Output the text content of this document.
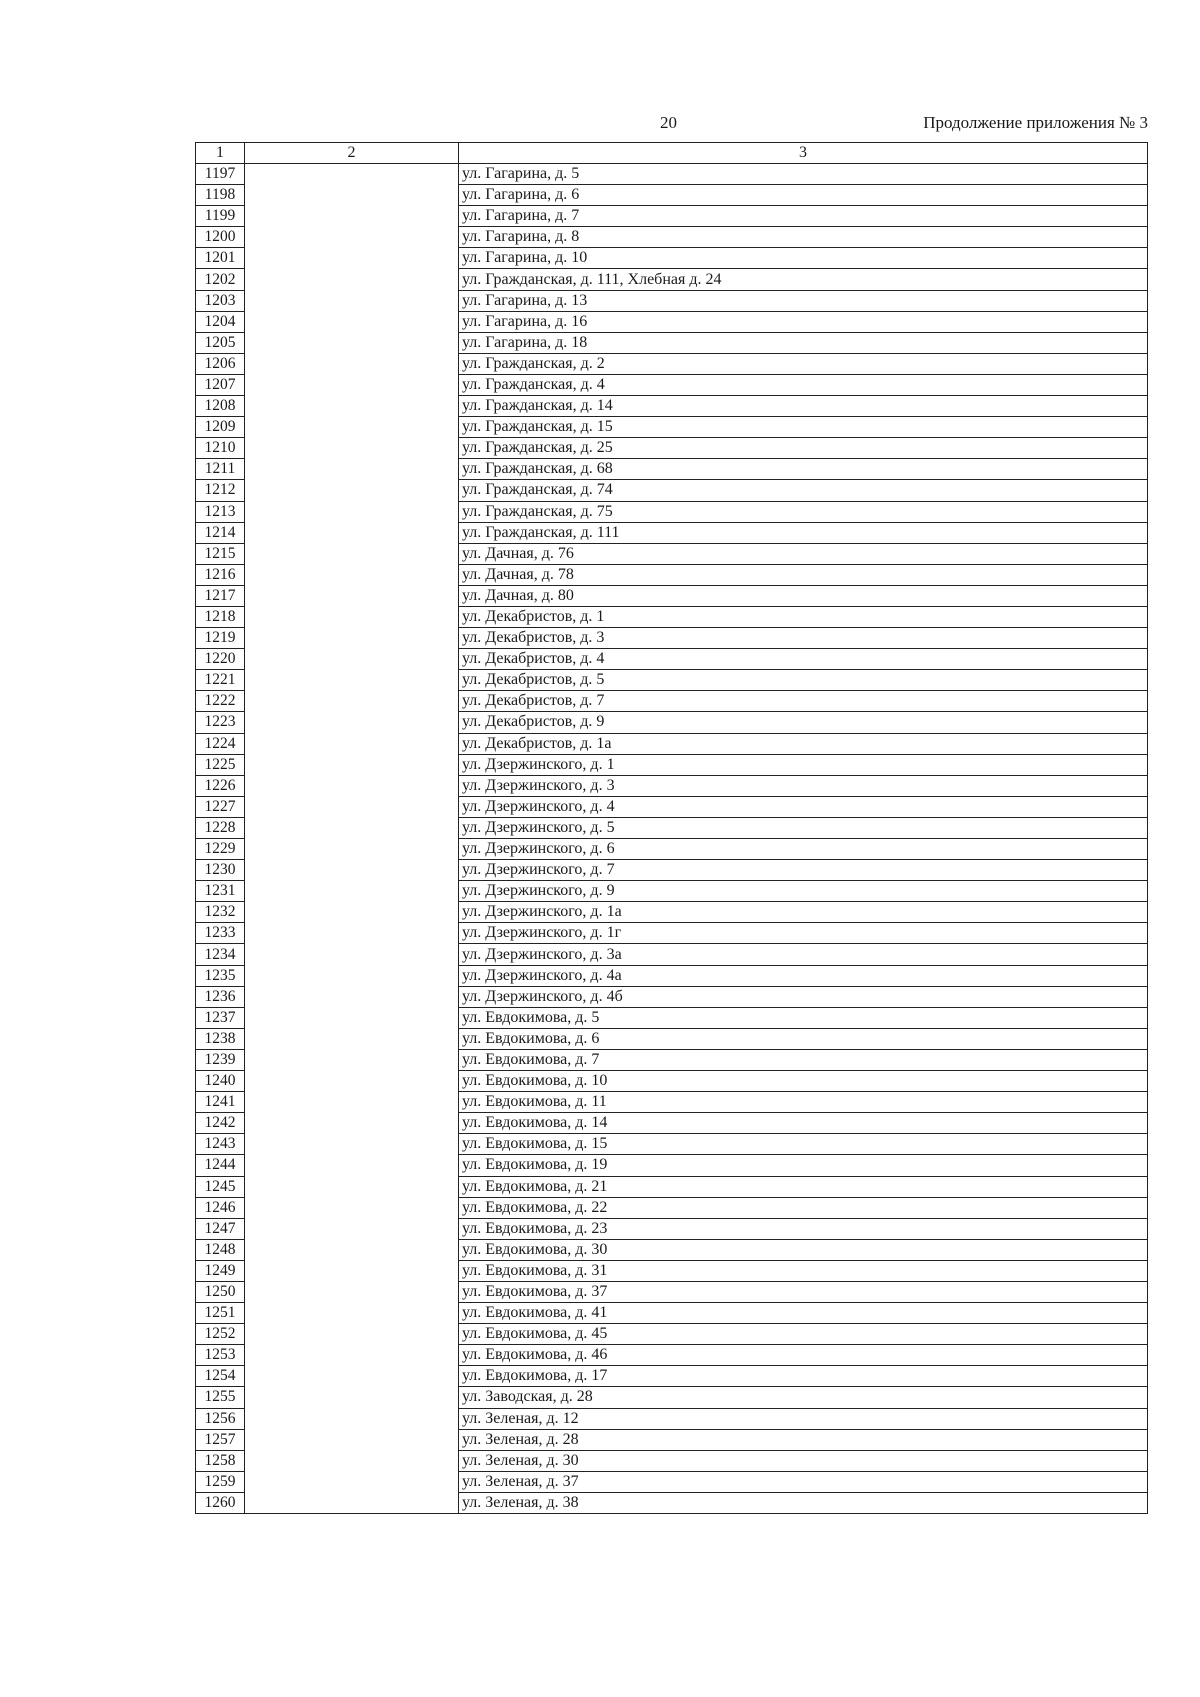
20	Продолжение приложения № 3
1	2	3
1197		ул. Гагарина, д. 5
1198		ул. Гагарина, д. 6
1199		ул. Гагарина, д. 7
1200		ул. Гагарина, д. 8
1201		ул. Гагарина, д. 10
1202		ул. Гражданская, д. 111, Хлебная д. 24
1203		ул. Гагарина, д. 13
1204		ул. Гагарина, д. 16
1205		ул. Гагарина, д. 18
1206		ул. Гражданская, д. 2
1207		ул. Гражданская, д. 4
1208		ул. Гражданская, д. 14
1209		ул. Гражданская, д. 15
1210		ул. Гражданская, д. 25
1211		ул. Гражданская, д. 68
1212		ул. Гражданская, д. 74
1213		ул. Гражданская, д. 75
1214		ул. Гражданская, д. 111
1215		ул. Дачная, д. 76
1216		ул. Дачная, д. 78
1217		ул. Дачная, д. 80
1218		ул. Декабристов, д. 1
1219		ул. Декабристов, д. 3
1220		ул. Декабристов, д. 4
1221		ул. Декабристов, д. 5
1222		ул. Декабристов, д. 7
1223		ул. Декабристов, д. 9
1224		ул. Декабристов, д. 1а
1225		ул. Дзержинского, д. 1
1226		ул. Дзержинского, д. 3
1227		ул. Дзержинского, д. 4
1228		ул. Дзержинского, д. 5
1229		ул. Дзержинского, д. 6
1230		ул. Дзержинского, д. 7
1231		ул. Дзержинского, д. 9
1232		ул. Дзержинского, д. 1а
1233		ул. Дзержинского, д. 1г
1234		ул. Дзержинского, д. 3а
1235		ул. Дзержинского, д. 4а
1236		ул. Дзержинского, д. 4б
1237		ул. Евдокимова, д. 5
1238		ул. Евдокимова, д. 6
1239		ул. Евдокимова, д. 7
1240		ул. Евдокимова, д. 10
1241		ул. Евдокимова, д. 11
1242		ул. Евдокимова, д. 14
1243		ул. Евдокимова, д. 15
1244		ул. Евдокимова, д. 19
1245		ул. Евдокимова, д. 21
1246		ул. Евдокимова, д. 22
1247		ул. Евдокимова, д. 23
1248		ул. Евдокимова, д. 30
1249		ул. Евдокимова, д. 31
1250		ул. Евдокимова, д. 37
1251		ул. Евдокимова, д. 41
1252		ул. Евдокимова, д. 45
1253		ул. Евдокимова, д. 46
1254		ул. Евдокимова, д. 17
1255		ул. Заводская, д. 28
1256		ул. Зеленая, д. 12
1257		ул. Зеленая, д. 28
1258		ул. Зеленая, д. 30
1259		ул. Зеленая, д. 37
1260		ул. Зеленая, д. 38
